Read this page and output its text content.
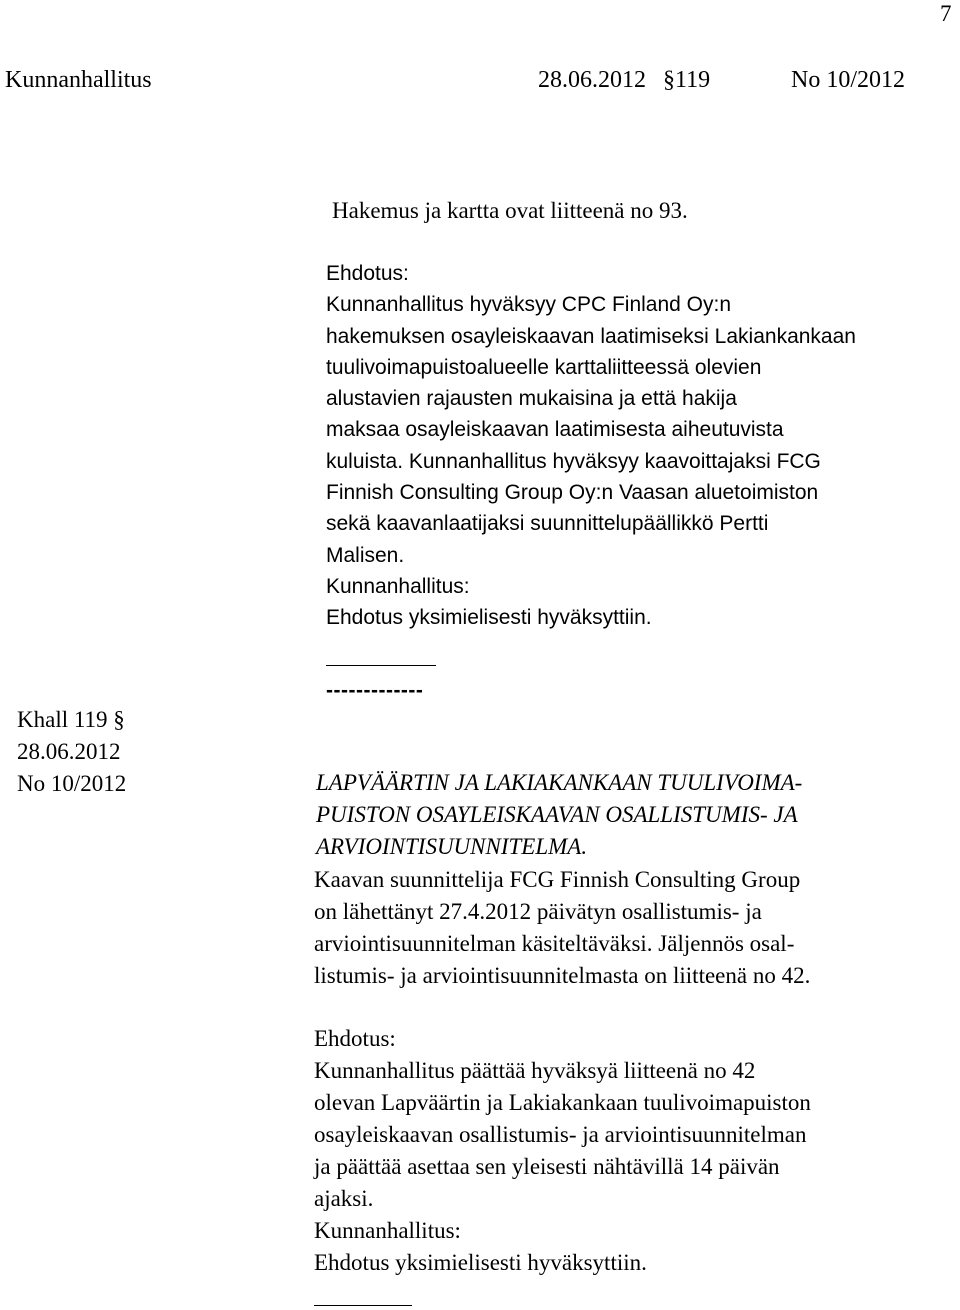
7
Kunnanhallitus	28.06.2012 §119	No 10/2012
Hakemus ja kartta ovat liitteenä no 93.
Ehdotus:
Kunnanhallitus hyväksyy CPC Finland Oy:n
hakemuksen osayleiskaavan laatimiseksi Lakiankankaan
tuulivoimapuistoalueelle karttaliitteessä olevien
alustavien rajausten mukaisina ja että hakija
maksaa osayleiskaavan laatimisesta aiheutuvista
kuluista. Kunnanhallitus hyväksyy kaavoittajaksi FCG
Finnish Consulting Group Oy:n Vaasan aluetoimiston
sekä kaavanlaatijaksi suunnittelupäällikkö Pertti
Malisen.
Kunnanhallitus:
Ehdotus yksimielisesti hyväksyttiin.
-------------
Khall 119 §
28.06.2012
No 10/2012	LAPVÄÄRTIN JA LAKIAKANKAAN TUULIVOIMA-
PUISTON OSAYLEISKAAVAN OSALLISTUMIS- JA
ARVIOINTISUUNNITELMA.
Kaavan suunnittelija FCG Finnish Consulting Group
on lähettänyt 27.4.2012 päivätyn osallistumis- ja
arviointisuunnitelman käsiteltäväksi. Jäljennös osal-
listumis- ja arviointisuunnitelmasta on liitteenä no 42.
Ehdotus:
Kunnanhallitus päättää hyväksyä liitteenä no 42
olevan Lapväärtin ja Lakiakankaan tuulivoimapuiston
osayleiskaavan osallistumis- ja arviointisuunnitelman
ja päättää asettaa sen yleisesti nähtävillä 14 päivän
ajaksi.
Kunnanhallitus:
Ehdotus yksimielisesti hyväksyttiin.
